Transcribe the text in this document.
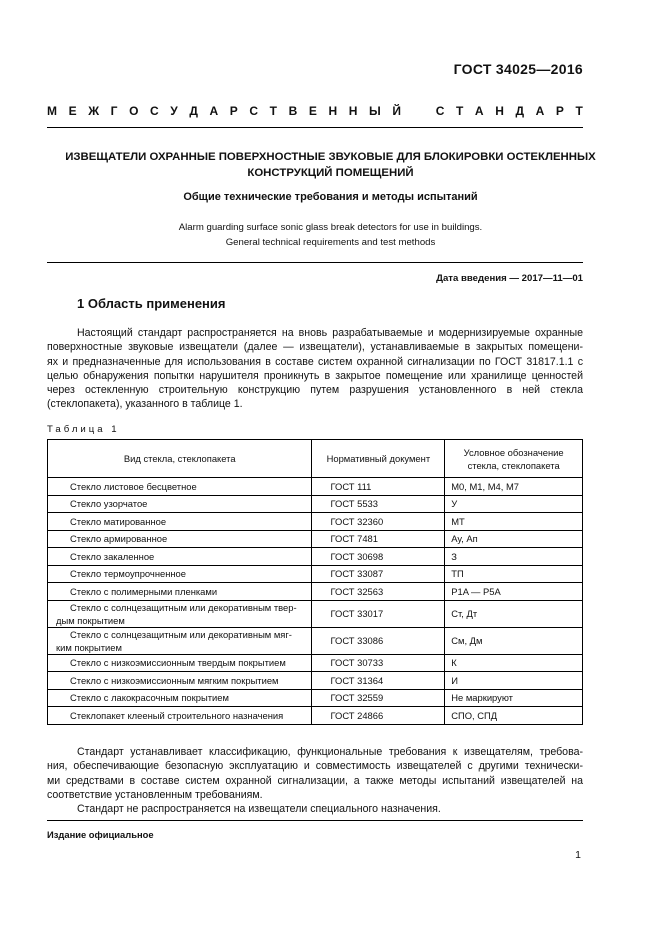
ГОСТ 34025—2016
М Е Ж Г О С У Д А Р С Т В Е Н Н Ы Й	С Т А Н Д А Р Т
ИЗВЕЩАТЕЛИ ОХРАННЫЕ ПОВЕРХНОСТНЫЕ ЗВУКОВЫЕ ДЛЯ БЛОКИРОВКИ ОСТЕКЛЕННЫХ
КОНСТРУКЦИЙ ПОМЕЩЕНИЙ
Общие технические требования и методы испытаний
Alarm guarding surface sonic glass break detectors for use in buildings.
General technical requirements and test methods
Дата введения — 2017—11—01
1 Область применения
Настоящий стандарт распространяется на вновь разрабатываемые и модернизируемые охранные
поверхностные звуковые извещатели (далее — извещатели), устанавливаемые в закрытых помещени-
ях и предназначенные для использования в составе систем охранной сигнализации по ГОСТ 31817.1.1 с
целью обнаружения попытки нарушителя проникнуть в закрытое помещение или хранилище ценностей
через остекленную строительную конструкцию путем разрушения установленного в ней стекла
(стеклопакета), указанного в таблице 1.
Таблица 1
Вид стекла, стеклопакета	Нормативный документ	Условное обозначение
стекла, стеклопакета

Стекло листовое бесцветное	ГОСТ 111	М0, М1, М4, М7
Стекло узорчатое	ГОСТ 5533	У
Стекло матированное	ГОСТ 32360	МТ
Стекло армированное	ГОСТ 7481	Ау, Ап
Стекло закаленное	ГОСТ 30698	З
Стекло термоупрочненное	ГОСТ 33087	ТП
Стекло с полимерными пленками	ГОСТ 32563	P1A — P5A

Стекло с солнцезащитным или декоративным твер-
дым покрытием	ГОСТ 33017	Ст, Дт

Стекло с солнцезащитным или декоративным мяг-
ким покрытием	ГОСТ 33086	См, Дм
Стекло с низкоэмиссионным твердым покрытием	ГОСТ 30733	К
Стекло с низкоэмиссионным мягким покрытием	ГОСТ 31364	И
Стекло с лакокрасочным покрытием	ГОСТ 32559	Не маркируют
Стеклопакет клееный строительного назначения	ГОСТ 24866	СПО, СПД
Стандарт устанавливает классификацию, функциональные требования к извещателям, требова-
ния, обеспечивающие безопасную эксплуатацию и совместимость извещателей с другими технически-
ми средствами в составе систем охранной сигнализации, а также методы испытаний извещателей на
соответствие установленным требованиям.
Стандарт не распространяется на извещатели специального назначения.
Издание официальное
1
